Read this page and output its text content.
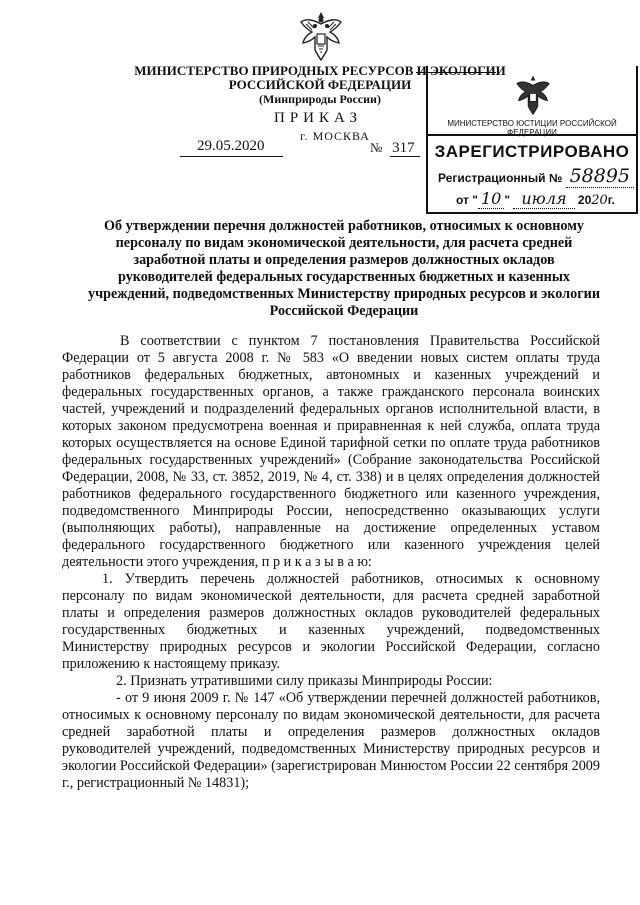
МИНИСТЕРСТВО ПРИРОДНЫХ РЕСУРСОВ И ЭКОЛОГИИ
РОССИЙСКОЙ ФЕДЕРАЦИИ
(Минприроды России)
ПРИКАЗ
г. МОСКВА
29.05.2020	№ 317
МИНИСТЕРСТВО ЮСТИЦИИ РОССИЙСКОЙ ФЕДЕРАЦИИ
ЗАРЕГИСТРИРОВАНО
Регистрационный № 58895
от " 10 " июля 2020г.
Об утверждении перечня должностей работников, относимых к основному персоналу по видам экономической деятельности, для расчета средней заработной платы и определения размеров должностных окладов руководителей федеральных государственных бюджетных и казенных учреждений, подведомственных Министерству природных ресурсов и экологии Российской Федерации

В соответствии с пунктом 7 постановления Правительства Российской Федерации от 5 августа 2008 г. № 583 «О введении новых систем оплаты труда работников федеральных бюджетных, автономных и казенных учреждений и федеральных государственных органов, а также гражданского персонала воинских частей, учреждений и подразделений федеральных органов исполнительной власти, в которых законом предусмотрена военная и приравненная к ней служба, оплата труда которых осуществляется на основе Единой тарифной сетки по оплате труда работников федеральных государственных учреждений» (Собрание законодательства Российской Федерации, 2008, № 33, ст. 3852, 2019, № 4, ст. 338) и в целях определения должностей работников федерального государственного бюджетного или казенного учреждения, подведомственного Минприроды России, непосредственно оказывающих услуги (выполняющих работы), направленные на достижение определенных уставом федерального государственного бюджетного или казенного учреждения целей деятельности этого учреждения, п р и к а з ы в а ю:

1. Утвердить перечень должностей работников, относимых к основному персоналу по видам экономической деятельности, для расчета средней заработной платы и определения размеров должностных окладов руководителей федеральных государственных бюджетных и казенных учреждений, подведомственных Министерству природных ресурсов и экологии Российской Федерации, согласно приложению к настоящему приказу.

2. Признать утратившими силу приказы Минприроды России:

- от 9 июня 2009 г. № 147 «Об утверждении перечней должностей работников, относимых к основному персоналу по видам экономической деятельности, для расчета средней заработной платы и определения размеров должностных окладов руководителей учреждений, подведомственных Министерству природных ресурсов и экологии Российской Федерации» (зарегистрирован Минюстом России 22 сентября 2009 г., регистрационный № 14831);
